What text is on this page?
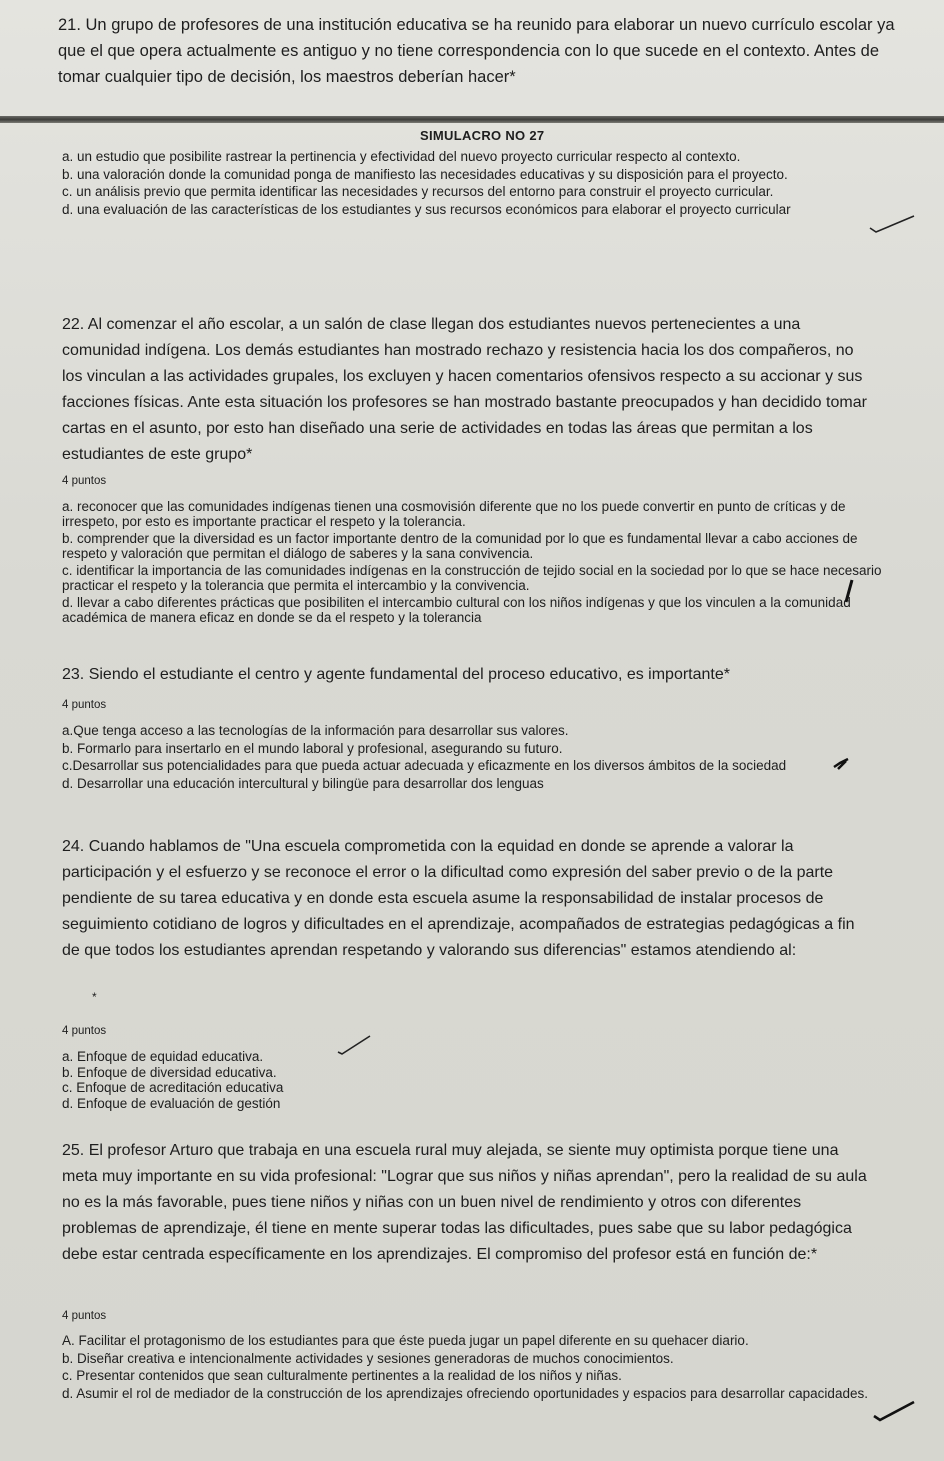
21. Un grupo de profesores de una institución educativa se ha reunido para elaborar un nuevo currículo escolar ya que el que opera actualmente es antiguo y no tiene correspondencia con lo que sucede en el contexto. Antes de tomar cualquier tipo de decisión, los maestros deberían hacer*

SIMULACRO NO 27

a. un estudio que posibilite rastrear la pertinencia y efectividad del nuevo proyecto curricular respecto al contexto.

b. una valoración donde la comunidad ponga de manifiesto las necesidades educativas y su disposición para el proyecto.

c. un análisis previo que permita identificar las necesidades y recursos del entorno para construir el proyecto curricular.

d. una evaluación de las características de los estudiantes y sus recursos económicos para elaborar el proyecto curricular

22. Al comenzar el año escolar, a un salón de clase llegan dos estudiantes nuevos pertenecientes a una comunidad indígena. Los demás estudiantes han mostrado rechazo y resistencia hacia los dos compañeros, no los vinculan a las actividades grupales, los excluyen y hacen comentarios ofensivos respecto a su accionar y sus facciones físicas. Ante esta situación los profesores se han mostrado bastante preocupados y han decidido tomar cartas en el asunto, por esto han diseñado una serie de actividades en todas las áreas que permitan a los estudiantes de este grupo*

4 puntos

a. reconocer que las comunidades indígenas tienen una cosmovisión diferente que no los puede convertir en punto de críticas y de irrespeto, por esto es importante practicar el respeto y la tolerancia.

b. comprender que la diversidad es un factor importante dentro de la comunidad por lo que es fundamental llevar a cabo acciones de respeto y valoración que permitan el diálogo de saberes y la sana convivencia.

c. identificar la importancia de las comunidades indígenas en la construcción de tejido social en la sociedad por lo que se hace necesario practicar el respeto y la tolerancia que permita el intercambio y la convivencia.

d. llevar a cabo diferentes prácticas que posibiliten el intercambio cultural con los niños indígenas y que los vinculen a la comunidad académica de manera eficaz en donde se da el respeto y la tolerancia

23. Siendo el estudiante el centro y agente fundamental del proceso educativo, es importante*

4 puntos

a.Que tenga acceso a las tecnologías de la información para desarrollar sus valores.

b. Formarlo para insertarlo en el mundo laboral y profesional, asegurando su futuro.

c.Desarrollar sus potencialidades para que pueda actuar adecuada y eficazmente en los diversos ámbitos de la sociedad

d. Desarrollar una educación intercultural y bilingüe para desarrollar dos lenguas

24. Cuando hablamos de "Una escuela comprometida con la equidad en donde se aprende a valorar la participación y el esfuerzo y se reconoce el error o la dificultad como expresión del saber previo o de la parte pendiente de su tarea educativa y en donde esta escuela asume la responsabilidad de instalar procesos de seguimiento cotidiano de logros y dificultades en el aprendizaje, acompañados de estrategias pedagógicas a fin de que todos los estudiantes aprendan respetando y valorando sus diferencias" estamos atendiendo al:

*
4 puntos

a. Enfoque de equidad educativa.

b. Enfoque de diversidad educativa.

c. Enfoque de acreditación educativa

d. Enfoque de evaluación de gestión

25. El profesor Arturo que trabaja en una escuela rural muy alejada, se siente muy optimista porque tiene una meta muy importante en su vida profesional: "Lograr que sus niños y niñas aprendan", pero la realidad de su aula no es la más favorable, pues tiene niños y niñas con un buen nivel de rendimiento y otros con diferentes problemas de aprendizaje, él tiene en mente superar todas las dificultades, pues sabe que su labor pedagógica debe estar centrada específicamente en los aprendizajes. El compromiso del profesor está en función de:*

4 puntos

A. Facilitar el protagonismo de los estudiantes para que éste pueda jugar un papel diferente en su quehacer diario.

b. Diseñar creativa e intencionalmente actividades y sesiones generadoras de muchos conocimientos.

c. Presentar contenidos que sean culturalmente pertinentes a la realidad de los niños y niñas.

d. Asumir el rol de mediador de la construcción de los aprendizajes ofreciendo oportunidades y espacios para desarrollar capacidades.
